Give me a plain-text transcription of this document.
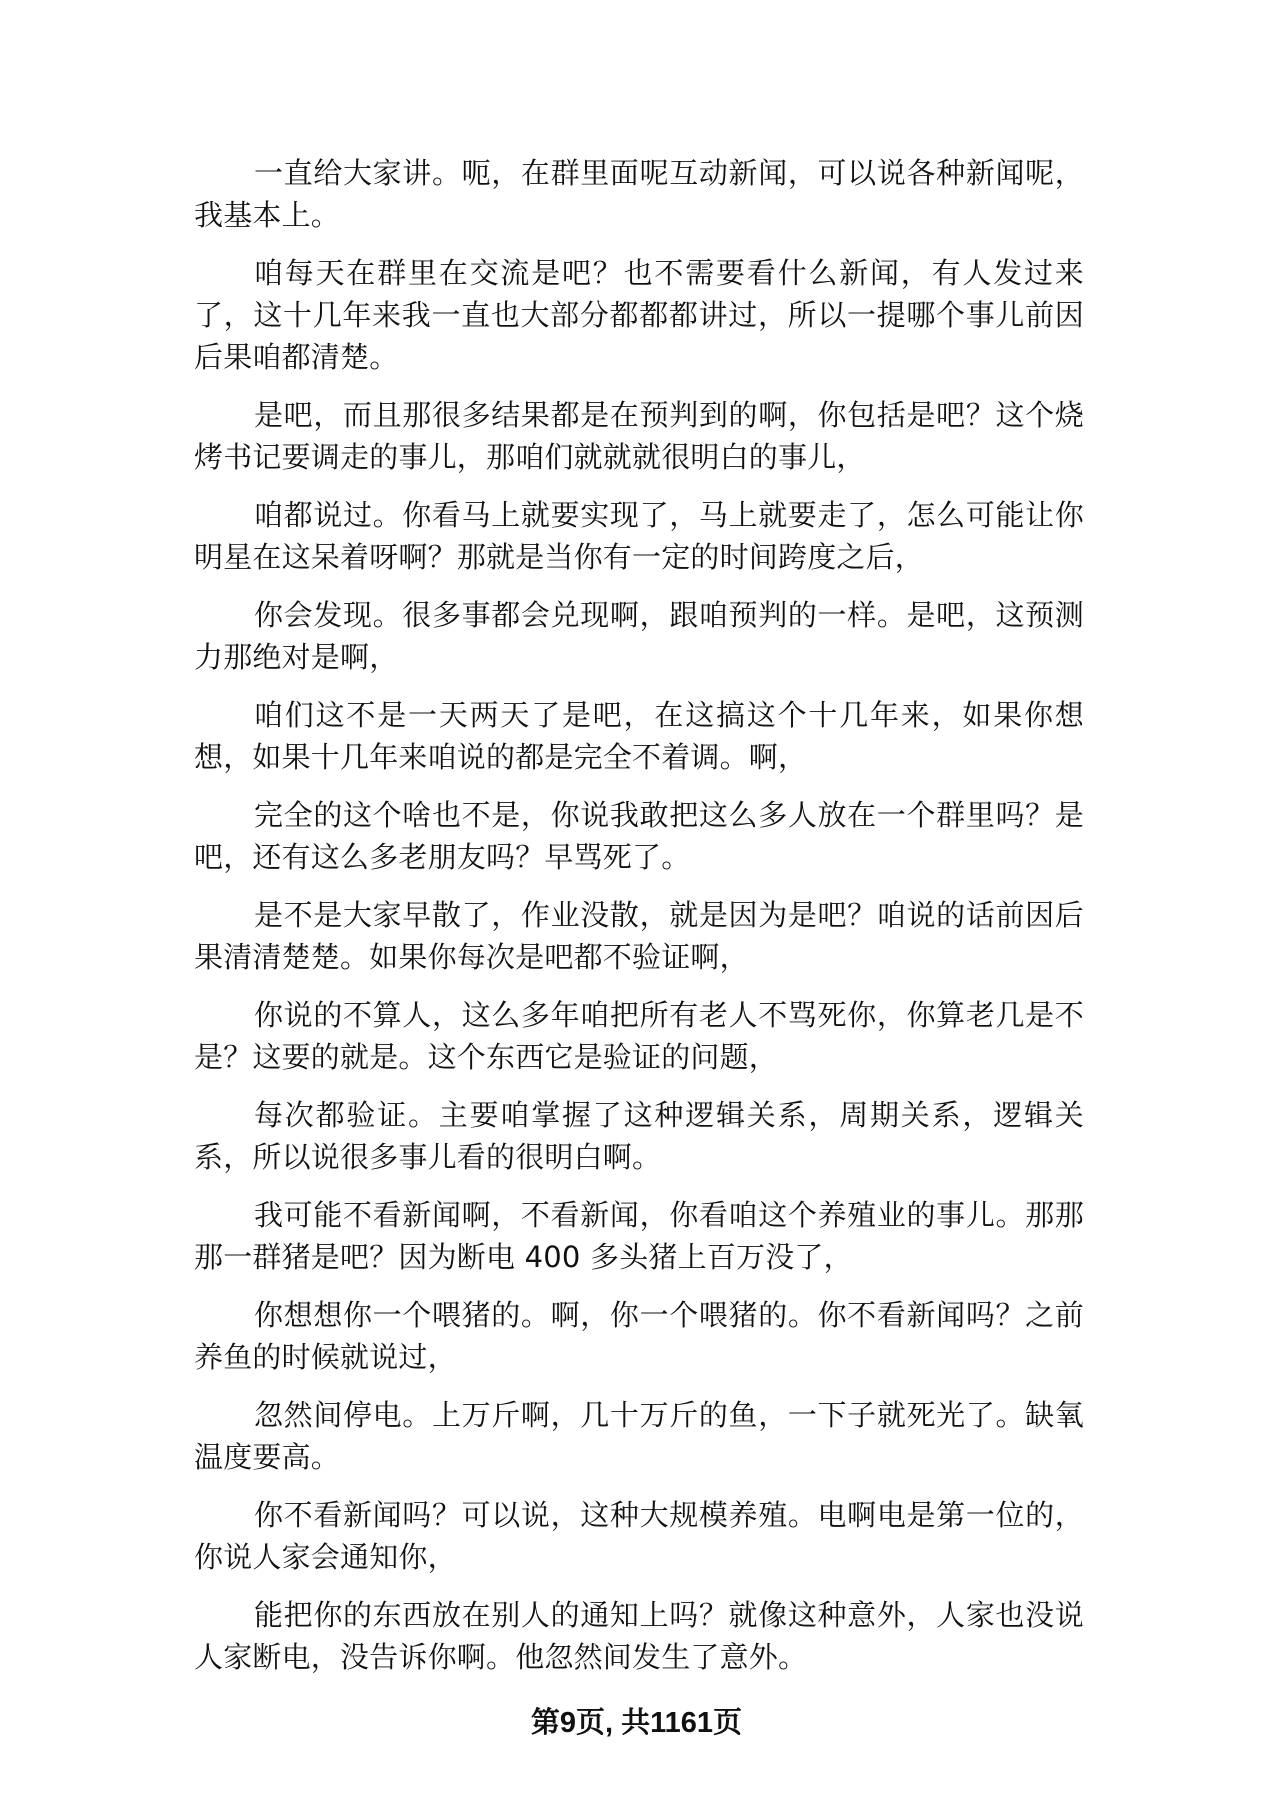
一直给大家讲。呃，在群里面呢互动新闻，可以说各种新闻呢，我基本上。

咱每天在群里在交流是吧？也不需要看什么新闻，有人发过来了，这十几年来我一直也大部分都都都讲过，所以一提哪个事儿前因后果咱都清楚。

是吧，而且那很多结果都是在预判到的啊，你包括是吧？这个烧烤书记要调走的事儿，那咱们就就就很明白的事儿，

咱都说过。你看马上就要实现了，马上就要走了，怎么可能让你明星在这呆着呀啊？那就是当你有一定的时间跨度之后，

你会发现。很多事都会兑现啊，跟咱预判的一样。是吧，这预测力那绝对是啊，

咱们这不是一天两天了是吧，在这搞这个十几年来，如果你想想，如果十几年来咱说的都是完全不着调。啊，

完全的这个啥也不是，你说我敢把这么多人放在一个群里吗？是吧，还有这么多老朋友吗？早骂死了。

是不是大家早散了，作业没散，就是因为是吧？咱说的话前因后果清清楚楚。如果你每次是吧都不验证啊，

你说的不算人，这么多年咱把所有老人不骂死你，你算老几是不是？这要的就是。这个东西它是验证的问题，

每次都验证。主要咱掌握了这种逻辑关系，周期关系，逻辑关系，所以说很多事儿看的很明白啊。

我可能不看新闻啊，不看新闻，你看咱这个养殖业的事儿。那那那一群猪是吧？因为断电 400 多头猪上百万没了，

你想想你一个喂猪的。啊，你一个喂猪的。你不看新闻吗？之前养鱼的时候就说过，

忽然间停电。上万斤啊，几十万斤的鱼，一下子就死光了。缺氧温度要高。

你不看新闻吗？可以说，这种大规模养殖。电啊电是第一位的，你说人家会通知你，

能把你的东西放在别人的通知上吗？就像这种意外，人家也没说人家断电，没告诉你啊。他忽然间发生了意外。

第9页, 共1161页
